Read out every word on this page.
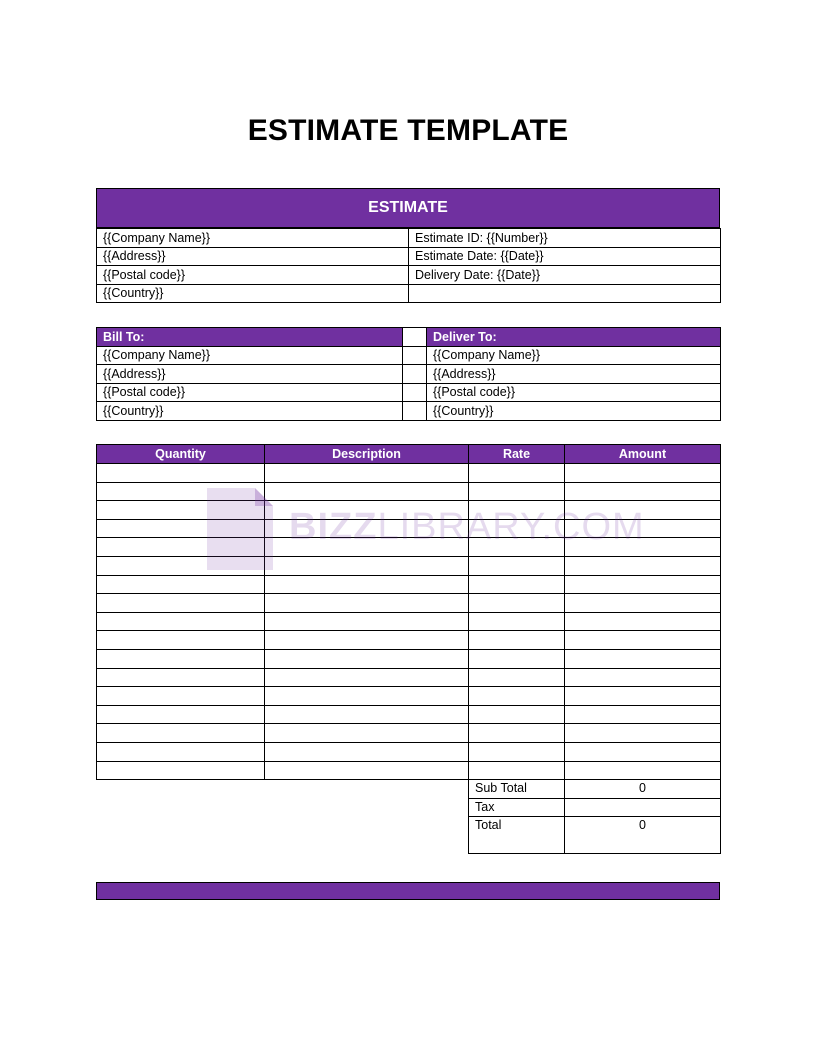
ESTIMATE TEMPLATE
ESTIMATE
{{Company Name}}	Estimate ID: {{Number}}
{{Address}}	Estimate Date: {{Date}}
{{Postal code}}	Delivery Date: {{Date}}
{{Country}}	
Bill To:		Deliver To:
{{Company Name}}		{{Company Name}}
{{Address}}		{{Address}}
{{Postal code}}		{{Postal code}}
{{Country}}		{{Country}}
Quantity	Description	Rate	Amount

Sub Total	0
Tax	
Total	0
BIZZLIBRARY.COM
